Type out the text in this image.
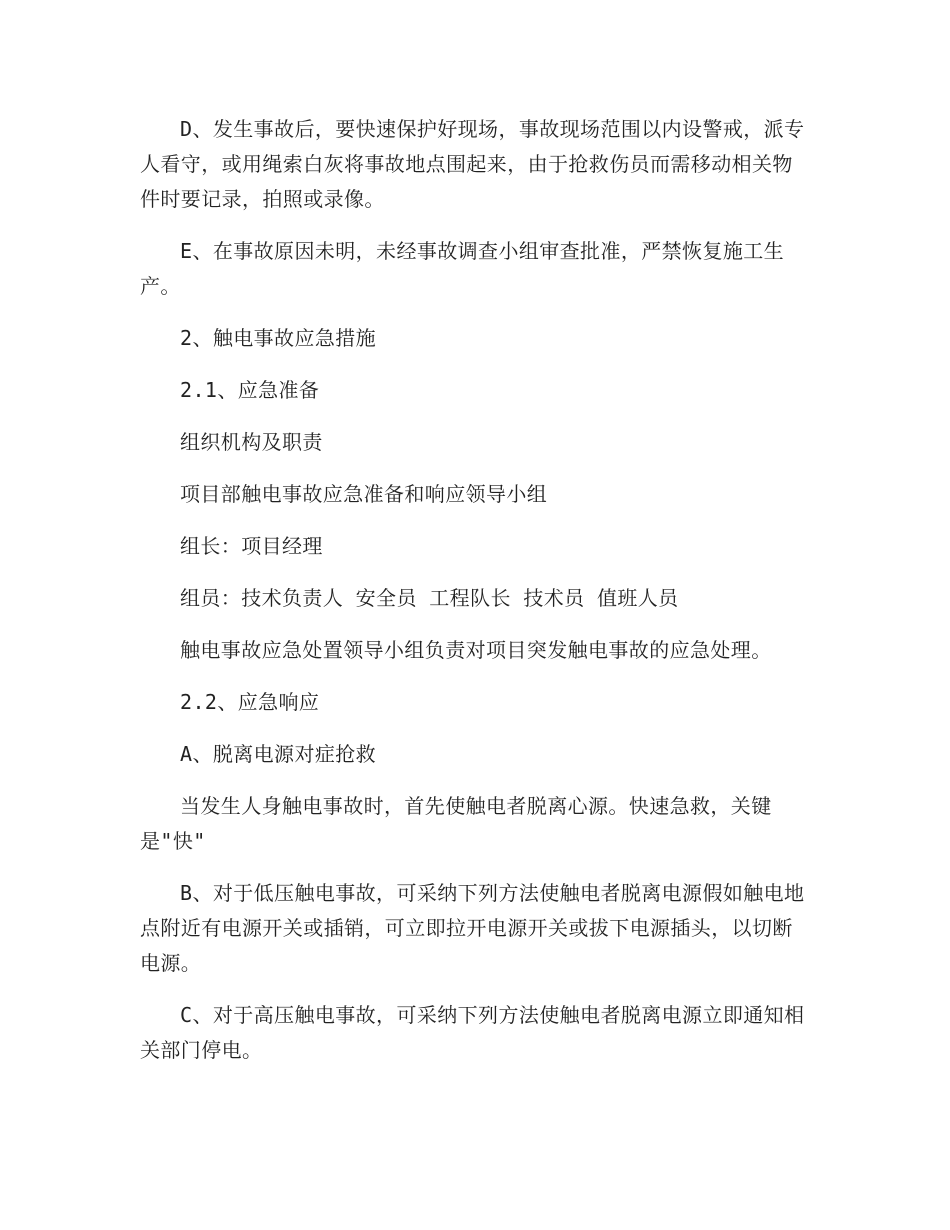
D、发生事故后，要快速保护好现场，事故现场范围以内设警戒，派专人看守，或用绳索白灰将事故地点围起来，由于抢救伤员而需移动相关物件时要记录，拍照或录像。

E、在事故原因未明，未经事故调查小组审查批准，严禁恢复施工生产。

2、触电事故应急措施

2.1、应急准备

组织机构及职责

项目部触电事故应急准备和响应领导小组

组长：项目经理

组员：技术负责人 安全员 工程队长 技术员 值班人员

触电事故应急处置领导小组负责对项目突发触电事故的应急处理。

2.2、应急响应

A、脱离电源对症抢救

当发生人身触电事故时，首先使触电者脱离心源。快速急救，关键是"快"

B、对于低压触电事故，可采纳下列方法使触电者脱离电源假如触电地点附近有电源开关或插销，可立即拉开电源开关或拔下电源插头，以切断电源。

C、对于高压触电事故，可采纳下列方法使触电者脱离电源立即通知相关部门停电。
